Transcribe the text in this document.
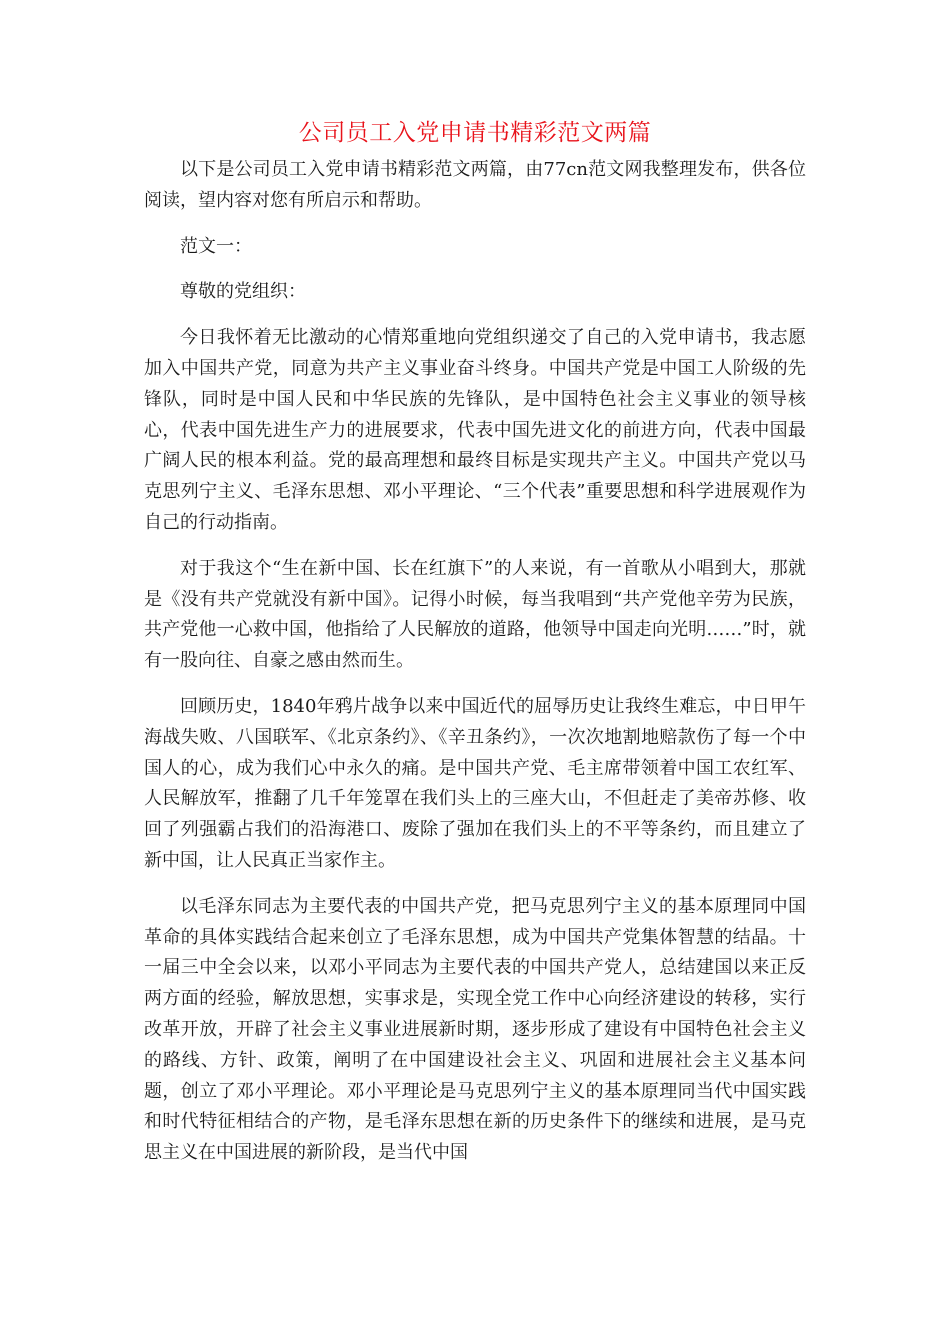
公司员工入党申请书精彩范文两篇

以下是公司员工入党申请书精彩范文两篇，由77cn范文网我整理发布，供各位阅读，望内容对您有所启示和帮助。

范文一：

尊敬的党组织：

今日我怀着无比激动的心情郑重地向党组织递交了自己的入党申请书，我志愿加入中国共产党，同意为共产主义事业奋斗终身。中国共产党是中国工人阶级的先锋队，同时是中国人民和中华民族的先锋队，是中国特色社会主义事业的领导核心，代表中国先进生产力的进展要求，代表中国先进文化的前进方向，代表中国最广阔人民的根本利益。党的最高理想和最终目标是实现共产主义。中国共产党以马克思列宁主义、毛泽东思想、邓小平理论、“三个代表”重要思想和科学进展观作为自己的行动指南。

对于我这个“生在新中国、长在红旗下”的人来说，有一首歌从小唱到大，那就是《没有共产党就没有新中国》。记得小时候，每当我唱到“共产党他辛劳为民族，共产党他一心救中国，他指给了人民解放的道路，他领导中国走向光明……”时，就有一股向往、自豪之感由然而生。

回顾历史，1840年鸦片战争以来中国近代的屈辱历史让我终生难忘，中日甲午海战失败、八国联军、《北京条约》、《辛丑条约》，一次次地割地赔款伤了每一个中国人的心，成为我们心中永久的痛。是中国共产党、毛主席带领着中国工农红军、人民解放军，推翻了几千年笼罩在我们头上的三座大山，不但赶走了美帝苏修、收回了列强霸占我们的沿海港口、废除了强加在我们头上的不平等条约，而且建立了新中国，让人民真正当家作主。

以毛泽东同志为主要代表的中国共产党，把马克思列宁主义的基本原理同中国革命的具体实践结合起来创立了毛泽东思想，成为中国共产党集体智慧的结晶。十一届三中全会以来，以邓小平同志为主要代表的中国共产党人，总结建国以来正反两方面的经验，解放思想，实事求是，实现全党工作中心向经济建设的转移，实行改革开放，开辟了社会主义事业进展新时期，逐步形成了建设有中国特色社会主义的路线、方针、政策，阐明了在中国建设社会主义、巩固和进展社会主义基本问题，创立了邓小平理论。邓小平理论是马克思列宁主义的基本原理同当代中国实践和时代特征相结合的产物，是毛泽东思想在新的历史条件下的继续和进展，是马克思主义在中国进展的新阶段，是当代中国
